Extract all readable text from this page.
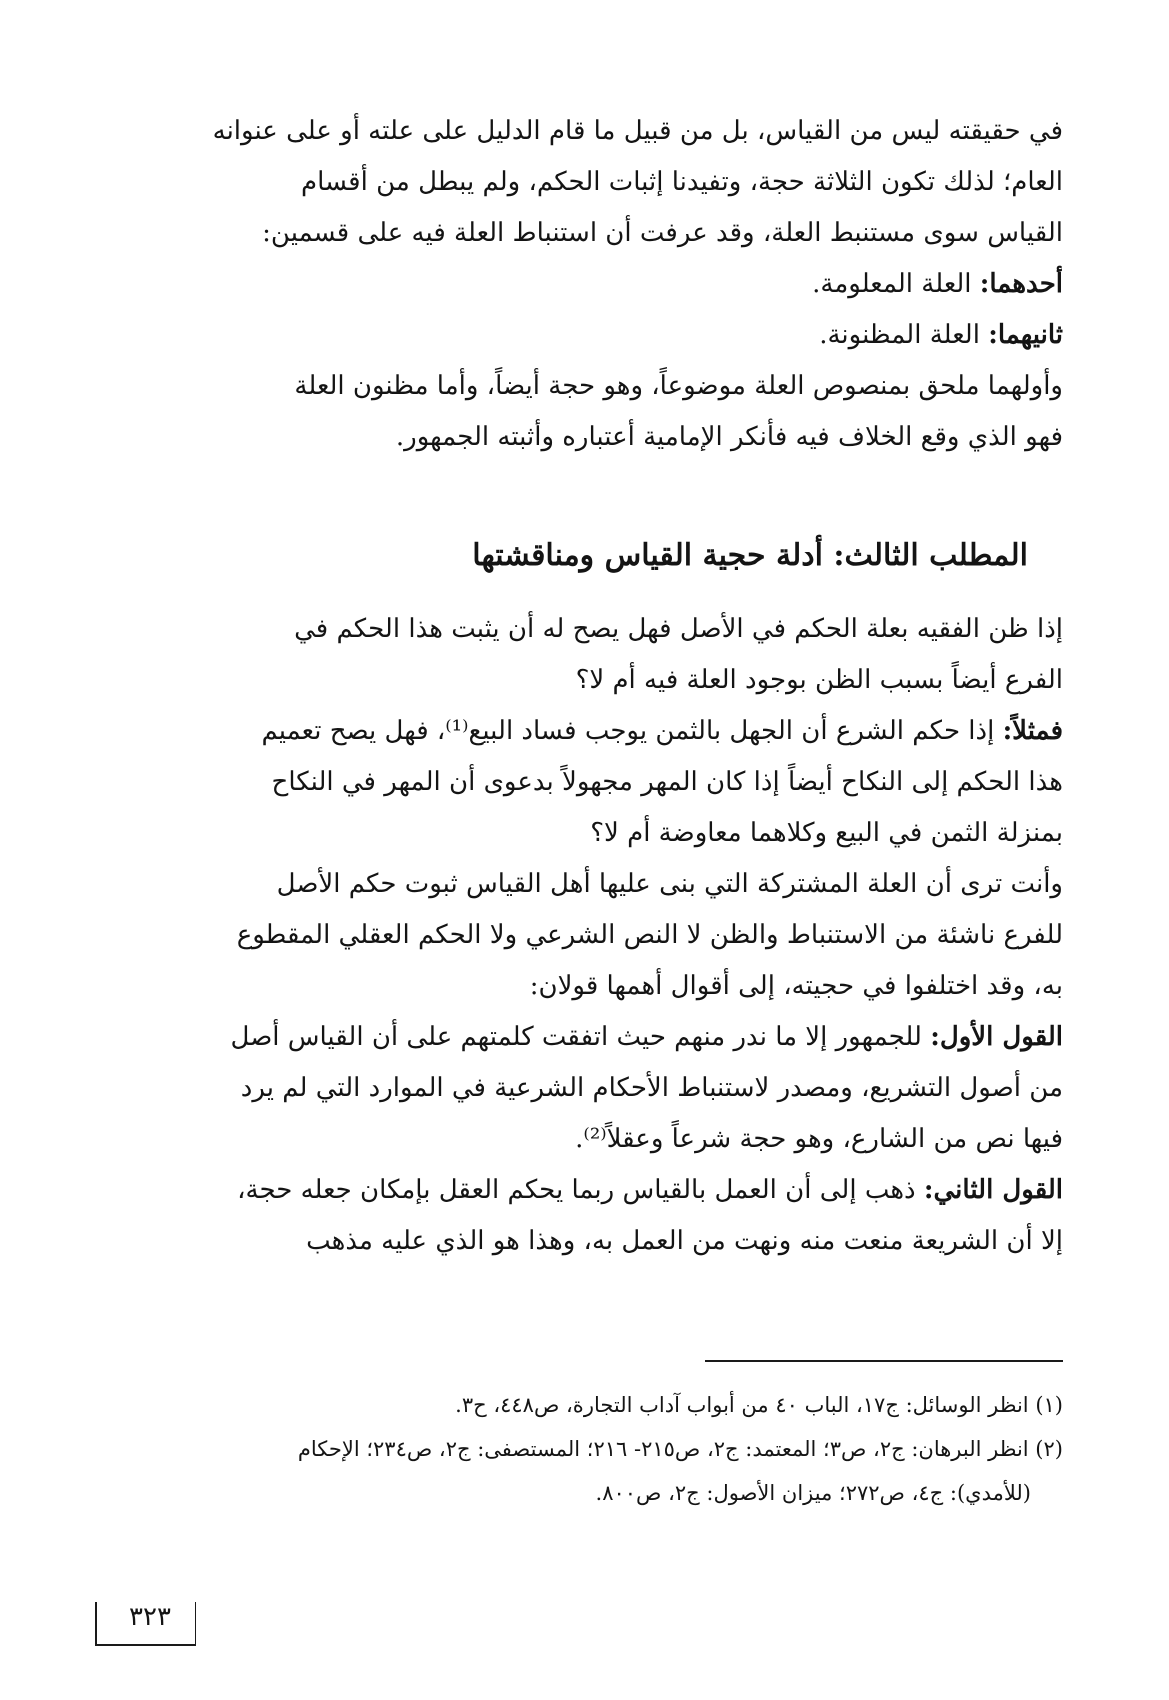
في حقيقته ليس من القياس، بل من قبيل ما قام الدليل على علته أو على عنوانه

العام؛ لذلك تكون الثلاثة حجة، وتفيدنا إثبات الحكم، ولم يبطل من أقسام

القياس سوى مستنبط العلة، وقد عرفت أن استنباط العلة فيه على قسمين:

أحدهما: العلة المعلومة.

ثانيهما: العلة المظنونة.

وأولهما ملحق بمنصوص العلة موضوعاً، وهو حجة أيضاً، وأما مظنون العلة

فهو الذي وقع الخلاف فيه فأنكر الإمامية أعتباره وأثبته الجمهور.

المطلب الثالث: أدلة حجية القياس ومناقشتها

إذا ظن الفقيه بعلة الحكم في الأصل فهل يصح له أن يثبت هذا الحكم في

الفرع أيضاً بسبب الظن بوجود العلة فيه أم لا؟

فمثلاً: إذا حكم الشرع أن الجهل بالثمن يوجب فساد البيع⁽¹⁾، فهل يصح تعميم

هذا الحكم إلى النكاح أيضاً إذا كان المهر مجهولاً بدعوى أن المهر في النكاح

بمنزلة الثمن في البيع وكلاهما معاوضة أم لا؟

وأنت ترى أن العلة المشتركة التي بنى عليها أهل القياس ثبوت حكم الأصل

للفرع ناشئة من الاستنباط والظن لا النص الشرعي ولا الحكم العقلي المقطوع

به، وقد اختلفوا في حجيته، إلى أقوال أهمها قولان:

القول الأول: للجمهور إلا ما ندر منهم حيث اتفقت كلمتهم على أن القياس أصل

من أصول التشريع، ومصدر لاستنباط الأحكام الشرعية في الموارد التي لم يرد

فيها نص من الشارع، وهو حجة شرعاً وعقلاً⁽²⁾.

القول الثاني: ذهب إلى أن العمل بالقياس ربما يحكم العقل بإمكان جعله حجة،

إلا أن الشريعة منعت منه ونهت من العمل به، وهذا هو الذي عليه مذهب

(١) انظر الوسائل: ج١٧، الباب ٤٠ من أبواب آداب التجارة، ص٤٤٨، ح٣.

(٢) انظر البرهان: ج٢، ص٣؛ المعتمد: ج٢، ص٢١٥- ٢١٦؛ المستصفى: ج٢، ص٢٣٤؛ الإحكام

(للأمدي): ج٤، ص٢٧٢؛ ميزان الأصول: ج٢، ص٨٠٠.

٣٢٣
